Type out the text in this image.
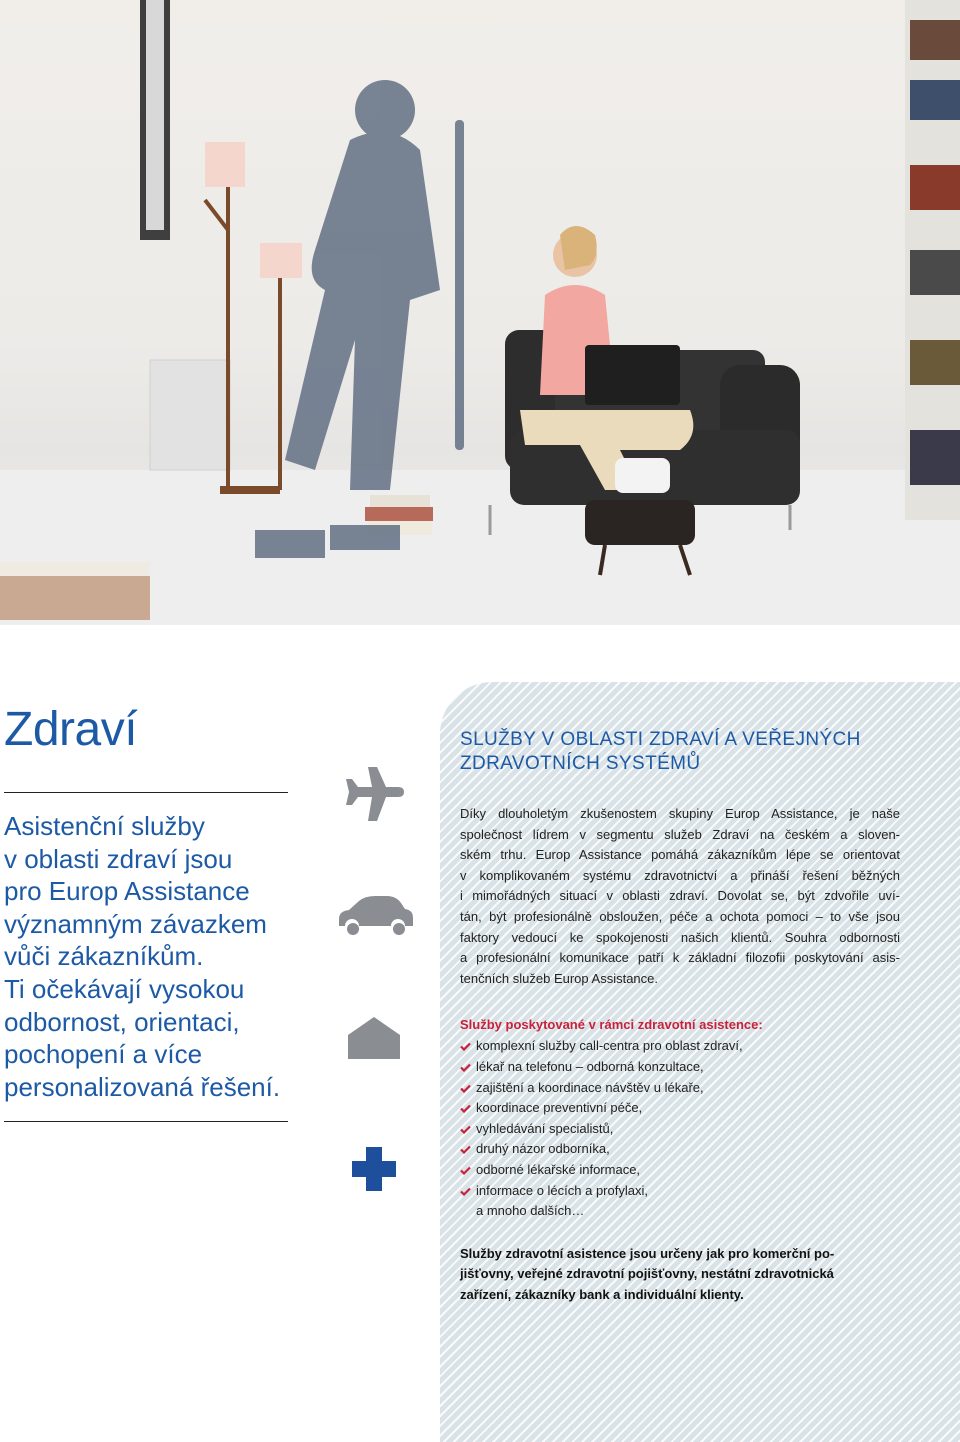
Zdraví

Asistenční služby
v oblasti zdraví jsou
pro Europ Assistance
významným závazkem
vůči zákazníkům.
Ti očekávají vysokou
odbornost, orientaci,
pochopení a více
personalizovaná řešení.

SLUŽBY V OBLASTI ZDRAVÍ A VEŘEJNÝCH
ZDRAVOTNÍCH SYSTÉMŮ

Díky dlouholetým zkušenostem skupiny Europ Assistance, je naše
společnost lídrem v segmentu služeb Zdraví na českém a sloven-
ském trhu. Europ Assistance pomáhá zákazníkům lépe se orientovat
v komplikovaném systému zdravotnictví a přináší řešení běžných
i mimořádných situací v oblasti zdraví. Dovolat se, být zdvořile uví-
tán, být profesionálně obsloužen, péče a ochota pomoci – to vše jsou
faktory vedoucí ke spokojenosti našich klientů. Souhra odbornosti
a profesionální komunikace patří k základní filozofii poskytování asis-
tenčních služeb Europ Assistance.

Služby poskytované v rámci zdravotní asistence:

komplexní služby call-centra pro oblast zdraví,
lékař na telefonu – odborná konzultace,
zajištění a koordinace návštěv u lékaře,
koordinace preventivní péče,
vyhledávání specialistů,
druhý názor odborníka,
odborné lékařské informace,
informace o lécích a profylaxi,

a mnoho dalších…

Služby zdravotní asistence jsou určeny jak pro komerční po-
jišťovny, veřejné zdravotní pojišťovny, nestátní zdravotnická
zařízení, zákazníky bank a individuální klienty.
